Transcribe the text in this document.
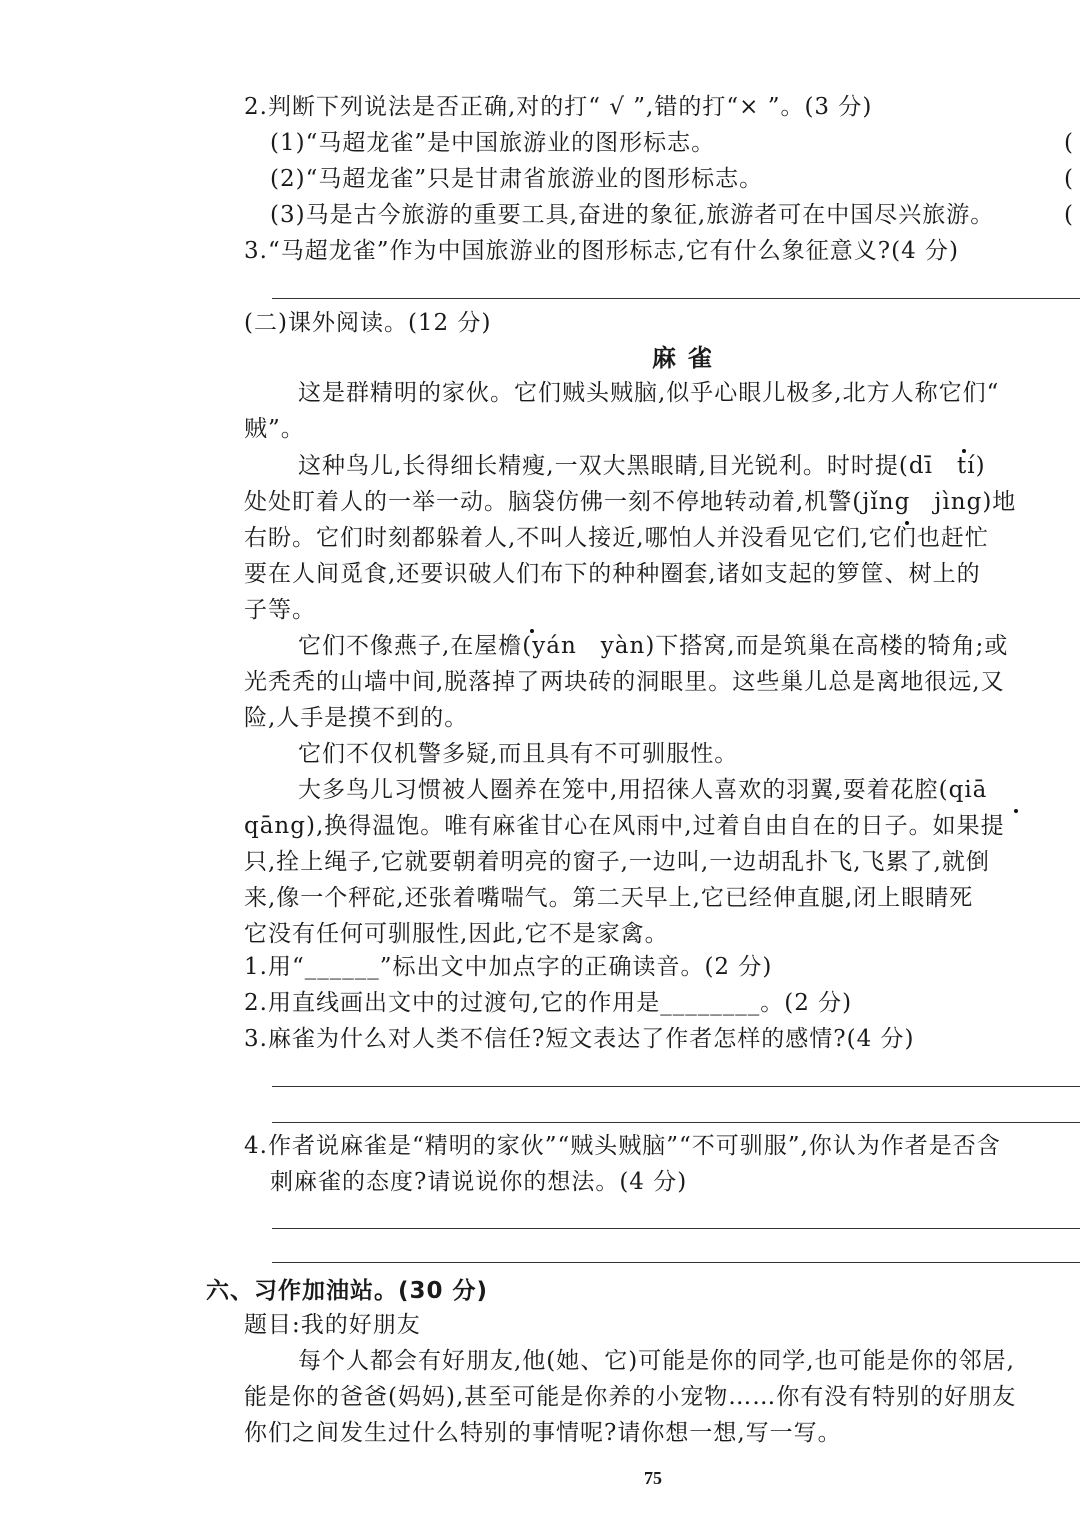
2.判断下列说法是否正确,对的打“ √ ”,错的打“× ”。(3 分)
(1)“马超龙雀”是中国旅游业的图形标志。	(
(2)“马超龙雀”只是甘肃省旅游业的图形标志。	(
(3)马是古今旅游的重要工具,奋进的象征,旅游者可在中国尽兴旅游。	(
3.“马超龙雀”作为中国旅游业的图形标志,它有什么象征意义?(4 分)
(二)课外阅读。(12 分)
麻雀
这是群精明的家伙。它们贼头贼脑,似乎心眼儿极多,北方人称它们“
贼”。
这种鸟儿,长得细长精瘦,一双大黑眼睛,目光锐利。时时提(dī　tí)
处处盯着人的一举一动。脑袋仿佛一刻不停地转动着,机警(jǐng　jìng)地
右盼。它们时刻都躲着人,不叫人接近,哪怕人并没看见它们,它们也赶忙
要在人间觅食,还要识破人们布下的种种圈套,诸如支起的箩筐、树上的
子等。
它们不像燕子,在屋檐(yán　yàn)下搭窝,而是筑巢在高楼的犄角;或
光秃秃的山墙中间,脱落掉了两块砖的洞眼里。这些巢儿总是离地很远,又
险,人手是摸不到的。
它们不仅机警多疑,而且具有不可驯服性。
大多鸟儿习惯被人圈养在笼中,用招徕人喜欢的羽翼,耍着花腔(qiā
qāng),换得温饱。唯有麻雀甘心在风雨中,过着自由自在的日子。如果提
只,拴上绳子,它就要朝着明亮的窗子,一边叫,一边胡乱扑飞,飞累了,就倒
来,像一个秤砣,还张着嘴喘气。第二天早上,它已经伸直腿,闭上眼睛死
它没有任何可驯服性,因此,它不是家禽。
1.用“______”标出文中加点字的正确读音。(2 分)
2.用直线画出文中的过渡句,它的作用是________。(2 分)
3.麻雀为什么对人类不信任?短文表达了作者怎样的感情?(4 分)
4.作者说麻雀是“精明的家伙”“贼头贼脑”“不可驯服”,你认为作者是否含
刺麻雀的态度?请说说你的想法。(4 分)
六、习作加油站。(30 分)
题目:我的好朋友
每个人都会有好朋友,他(她、它)可能是你的同学,也可能是你的邻居,
能是你的爸爸(妈妈),甚至可能是你养的小宠物……你有没有特别的好朋友
你们之间发生过什么特别的事情呢?请你想一想,写一写。
75
